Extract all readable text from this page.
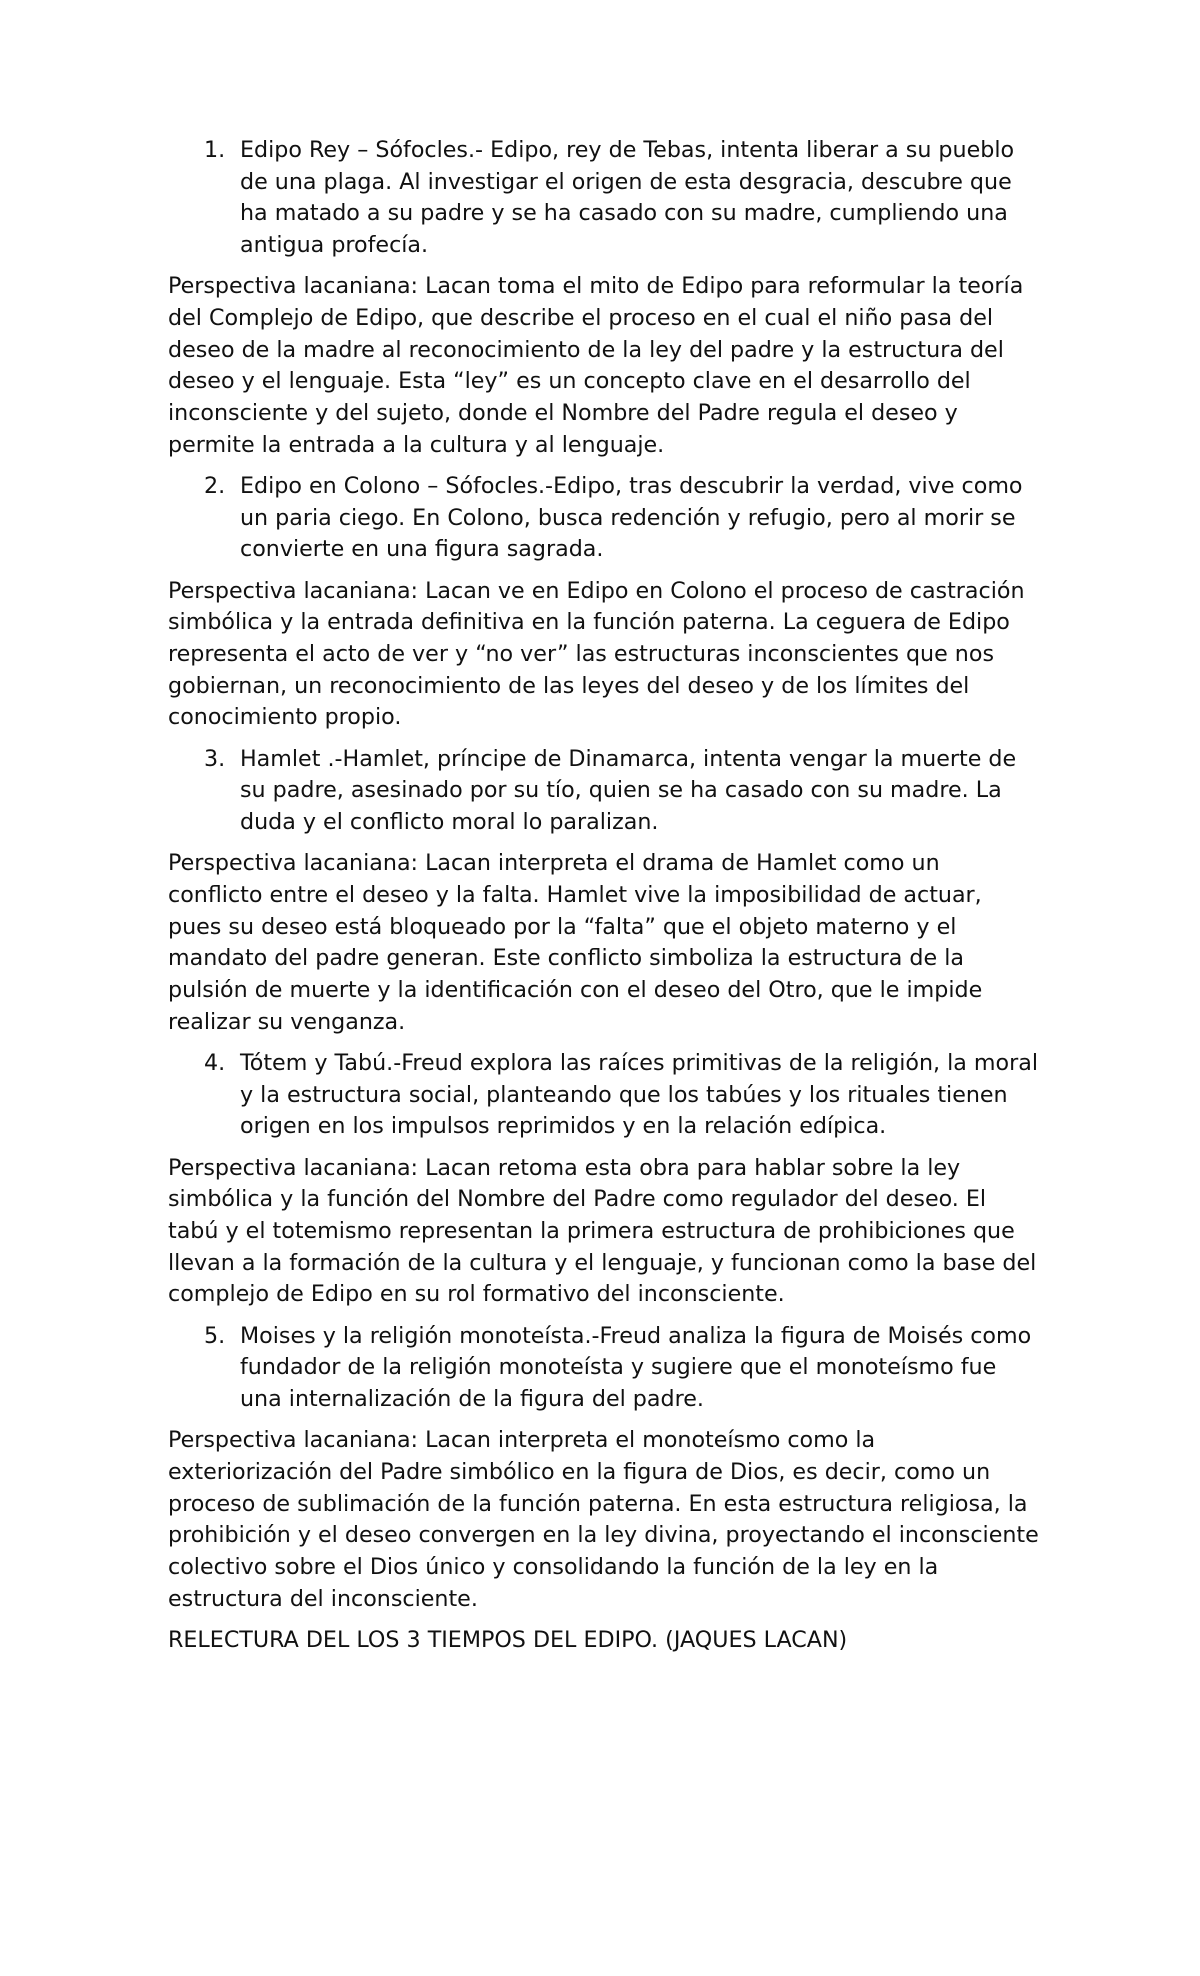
1. Edipo Rey – Sófocles.- Edipo, rey de Tebas, intenta liberar a su pueblo de una plaga. Al investigar el origen de esta desgracia, descubre que ha matado a su padre y se ha casado con su madre, cumpliendo una antigua profecía.

Perspectiva lacaniana: Lacan toma el mito de Edipo para reformular la teoría del Complejo de Edipo, que describe el proceso en el cual el niño pasa del deseo de la madre al reconocimiento de la ley del padre y la estructura del deseo y el lenguaje. Esta “ley” es un concepto clave en el desarrollo del inconsciente y del sujeto, donde el Nombre del Padre regula el deseo y permite la entrada a la cultura y al lenguaje.

2. Edipo en Colono – Sófocles.-Edipo, tras descubrir la verdad, vive como un paria ciego. En Colono, busca redención y refugio, pero al morir se convierte en una figura sagrada.

Perspectiva lacaniana: Lacan ve en Edipo en Colono el proceso de castración simbólica y la entrada definitiva en la función paterna. La ceguera de Edipo representa el acto de ver y “no ver” las estructuras inconscientes que nos gobiernan, un reconocimiento de las leyes del deseo y de los límites del conocimiento propio.

3. Hamlet .-Hamlet, príncipe de Dinamarca, intenta vengar la muerte de su padre, asesinado por su tío, quien se ha casado con su madre. La duda y el conflicto moral lo paralizan.

Perspectiva lacaniana: Lacan interpreta el drama de Hamlet como un conflicto entre el deseo y la falta. Hamlet vive la imposibilidad de actuar, pues su deseo está bloqueado por la “falta” que el objeto materno y el mandato del padre generan. Este conflicto simboliza la estructura de la pulsión de muerte y la identificación con el deseo del Otro, que le impide realizar su venganza.

4. Tótem y Tabú.-Freud explora las raíces primitivas de la religión, la moral y la estructura social, planteando que los tabúes y los rituales tienen origen en los impulsos reprimidos y en la relación edípica.

Perspectiva lacaniana: Lacan retoma esta obra para hablar sobre la ley simbólica y la función del Nombre del Padre como regulador del deseo. El tabú y el totemismo representan la primera estructura de prohibiciones que llevan a la formación de la cultura y el lenguaje, y funcionan como la base del complejo de Edipo en su rol formativo del inconsciente.

5. Moises y la religión monoteísta.-Freud analiza la figura de Moisés como fundador de la religión monoteísta y sugiere que el monoteísmo fue una internalización de la figura del padre.

Perspectiva lacaniana: Lacan interpreta el monoteísmo como la exteriorización del Padre simbólico en la figura de Dios, es decir, como un proceso de sublimación de la función paterna. En esta estructura religiosa, la prohibición y el deseo convergen en la ley divina, proyectando el inconsciente colectivo sobre el Dios único y consolidando la función de la ley en la estructura del inconsciente.

RELECTURA DEL LOS 3 TIEMPOS DEL EDIPO. (JAQUES LACAN)
